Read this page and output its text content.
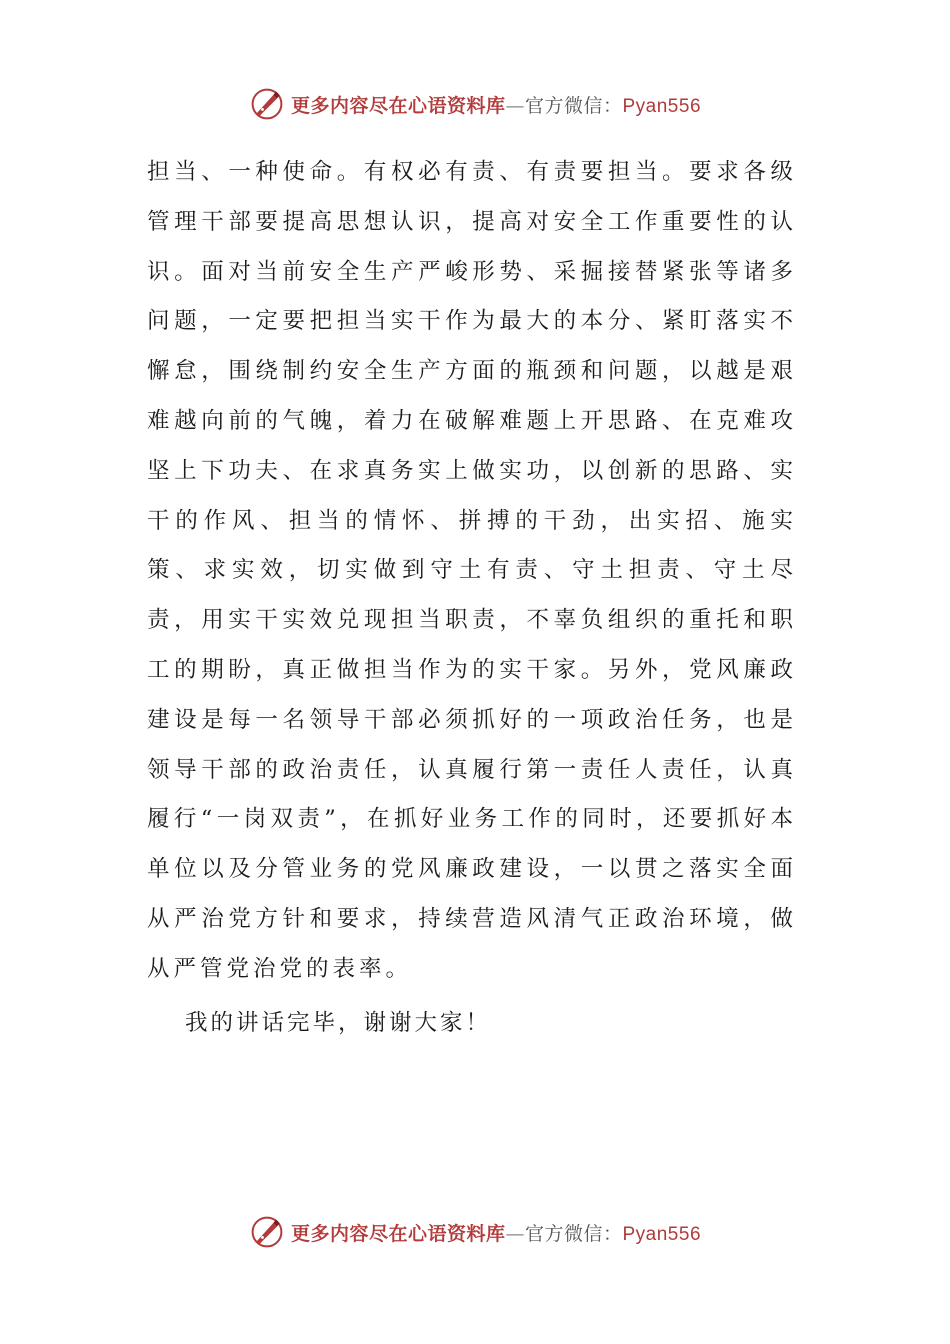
更多内容尽在心语资料库—官方微信：Pyan556

担当、一种使命。有权必有责、有责要担当。要求各级管理干部要提高思想认识，提高对安全工作重要性的认识。面对当前安全生产严峻形势、采掘接替紧张等诸多问题，一定要把担当实干作为最大的本分、紧盯落实不懈怠，围绕制约安全生产方面的瓶颈和问题，以越是艰难越向前的气魄，着力在破解难题上开思路、在克难攻坚上下功夫、在求真务实上做实功，以创新的思路、实干的作风、担当的情怀、拼搏的干劲，出实招、施实策、求实效，切实做到守土有责、守土担责、守土尽责，用实干实效兑现担当职责，不辜负组织的重托和职工的期盼，真正做担当作为的实干家。另外，党风廉政建设是每一名领导干部必须抓好的一项政治任务，也是领导干部的政治责任，认真履行第一责任人责任，认真履行“一岗双责”，在抓好业务工作的同时，还要抓好本单位以及分管业务的党风廉政建设，一以贯之落实全面从严治党方针和要求，持续营造风清气正政治环境，做从严管党治党的表率。

我的讲话完毕，谢谢大家！

更多内容尽在心语资料库—官方微信：Pyan556
